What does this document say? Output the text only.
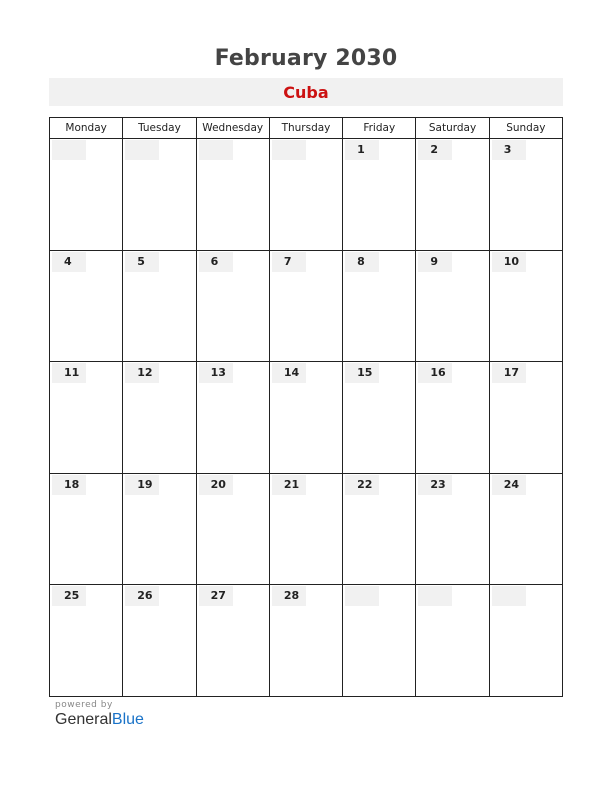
February 2030
Cuba
Monday	Tuesday	Wednesday	Thursday	Friday	Saturday	Sunday

				1	2	3

4	5	6	7	8	9	10

11	12	13	14	15	16	17

18	19	20	21	22	23	24

25	26	27	28			

powered by
GeneralBlue
